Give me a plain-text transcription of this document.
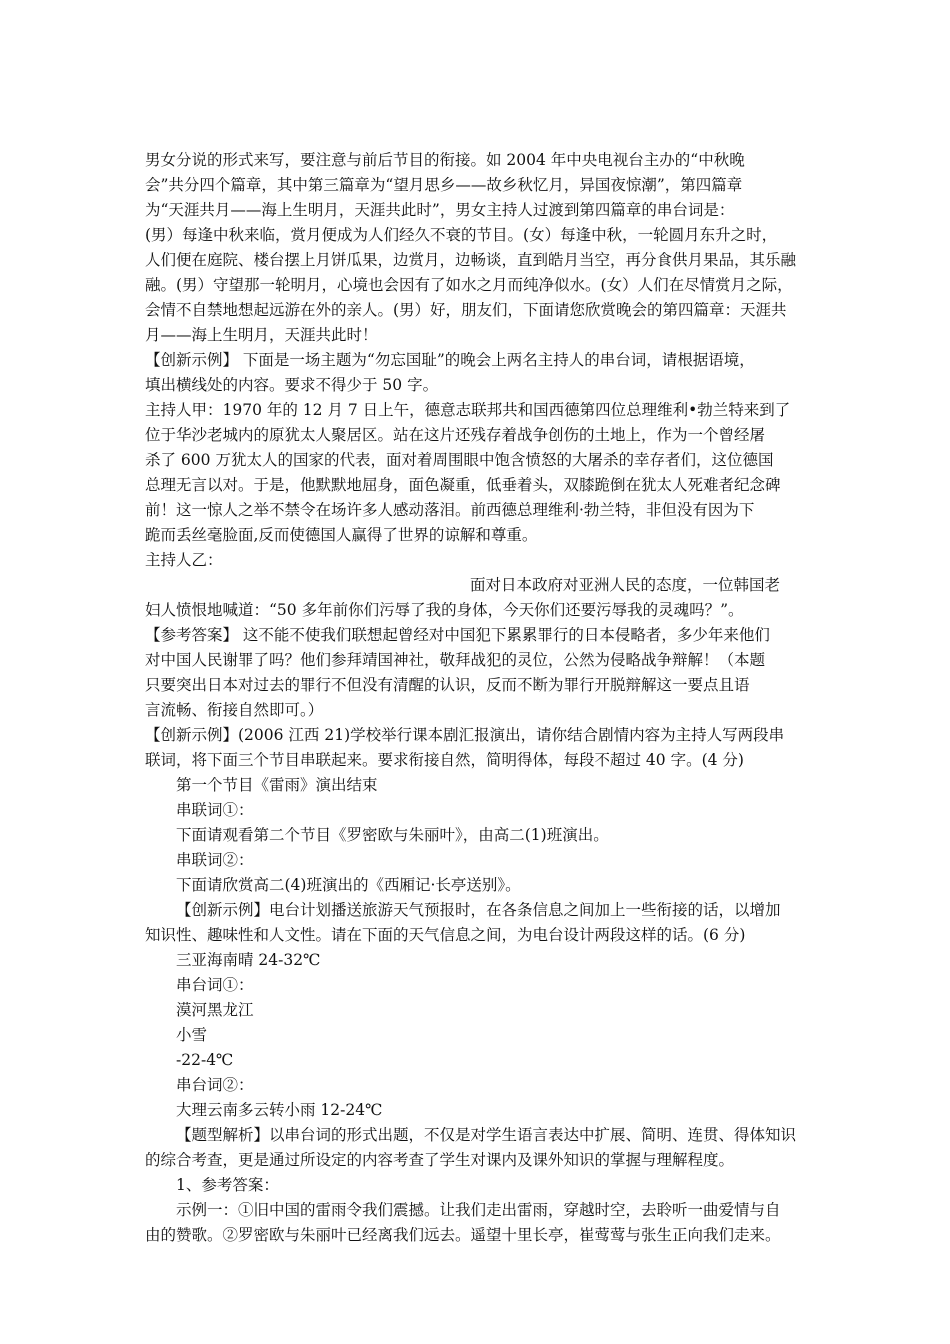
男女分说的形式来写，要注意与前后节目的衔接。如 2004 年中央电视台主办的“中秋晚
会”共分四个篇章，其中第三篇章为“望月思乡——故乡秋忆月，异国夜惊潮”，第四篇章
为“天涯共月——海上生明月，天涯共此时”，男女主持人过渡到第四篇章的串台词是：
(男）每逢中秋来临，赏月便成为人们经久不衰的节目。(女）每逢中秋，一轮圆月东升之时，
人们便在庭院、楼台摆上月饼瓜果，边赏月，边畅谈，直到皓月当空，再分食供月果品，其乐融
融。(男）守望那一轮明月，心境也会因有了如水之月而纯净似水。(女）人们在尽情赏月之际，
会情不自禁地想起远游在外的亲人。(男）好，朋友们，下面请您欣赏晚会的第四篇章：天涯共
月——海上生明月，天涯共此时！
【创新示例】 下面是一场主题为“勿忘国耻”的晚会上两名主持人的串台词，请根据语境，
填出横线处的内容。要求不得少于 50 字。
主持人甲：1970 年的 12 月 7 日上午，德意志联邦共和国西德第四位总理维利•勃兰特来到了
位于华沙老城内的原犹太人聚居区。站在这片还残存着战争创伤的土地上，作为一个曾经屠
杀了 600 万犹太人的国家的代表，面对着周围眼中饱含愤怒的大屠杀的幸存者们，这位德国
总理无言以对。于是，他默默地屈身，面色凝重，低垂着头，双膝跪倒在犹太人死难者纪念碑
前！这一惊人之举不禁令在场许多人感动落泪。前西德总理维利·勃兰特，非但没有因为下
跪而丢丝毫脸面,反而使德国人赢得了世界的谅解和尊重。
主持人乙：
面对日本政府对亚洲人民的态度，一位韩国老
妇人愤恨地喊道：“50 多年前你们污辱了我的身体，今天你们还要污辱我的灵魂吗？”。
【参考答案】 这不能不使我们联想起曾经对中国犯下累累罪行的日本侵略者，多少年来他们
对中国人民谢罪了吗？他们参拜靖国神社，敬拜战犯的灵位，公然为侵略战争辩解！（本题
只要突出日本对过去的罪行不但没有清醒的认识，反而不断为罪行开脱辩解这一要点且语
言流畅、衔接自然即可。）
【创新示例】(2006 江西 21)学校举行课本剧汇报演出，请你结合剧情内容为主持人写两段串
联词，将下面三个节目串联起来。要求衔接自然，简明得体，每段不超过 40 字。(4 分)
第一个节目《雷雨》演出结束
串联词①：
下面请观看第二个节目《罗密欧与朱丽叶》，由高二(1)班演出。
串联词②：
下面请欣赏高二(4)班演出的《西厢记·长亭送别》。
【创新示例】电台计划播送旅游天气预报时，在各条信息之间加上一些衔接的话，以增加
知识性、趣味性和人文性。请在下面的天气信息之间，为电台设计两段这样的话。(6 分)
三亚海南晴 24-32℃
串台词①：
漠河黑龙江
小雪
-22-4℃
串台词②：
大理云南多云转小雨 12-24℃
【题型解析】以串台词的形式出题，不仅是对学生语言表达中扩展、简明、连贯、得体知识
的综合考查，更是通过所设定的内容考查了学生对课内及课外知识的掌握与理解程度。
1、参考答案：
示例一：①旧中国的雷雨令我们震撼。让我们走出雷雨，穿越时空，去聆听一曲爱情与自
由的赞歌。②罗密欧与朱丽叶已经离我们远去。遥望十里长亭，崔莺莺与张生正向我们走来。
